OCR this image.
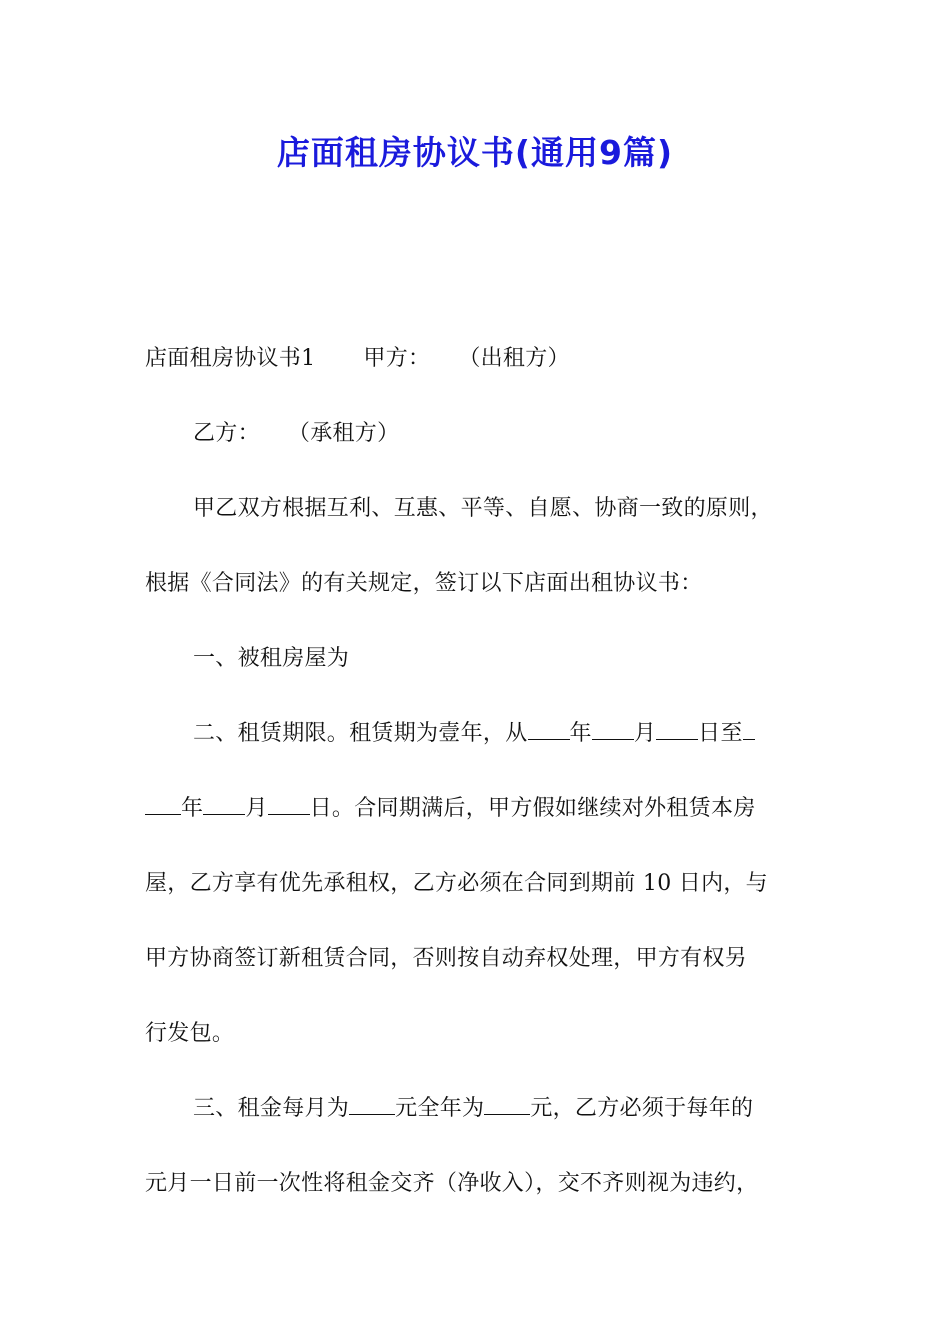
店面租房协议书(通用9篇)
店面租房协议书1 甲方： （出租方）
乙方： （承租方）
甲乙双方根据互利、互惠、平等、自愿、协商一致的原则，
根据《合同法》的有关规定，签订以下店面出租协议书：
一、被租房屋为
二、租赁期限。租赁期为壹年，从 年 月 日至
年 月 日。合同期满后，甲方假如继续对外租赁本房
屋，乙方享有优先承租权，乙方必须在合同到期前 10 日内，与
甲方协商签订新租赁合同，否则按自动弃权处理，甲方有权另
行发包。
三、租金每月为 元全年为 元，乙方必须于每年的
元月一日前一次性将租金交齐（净收入），交不齐则视为违约，
